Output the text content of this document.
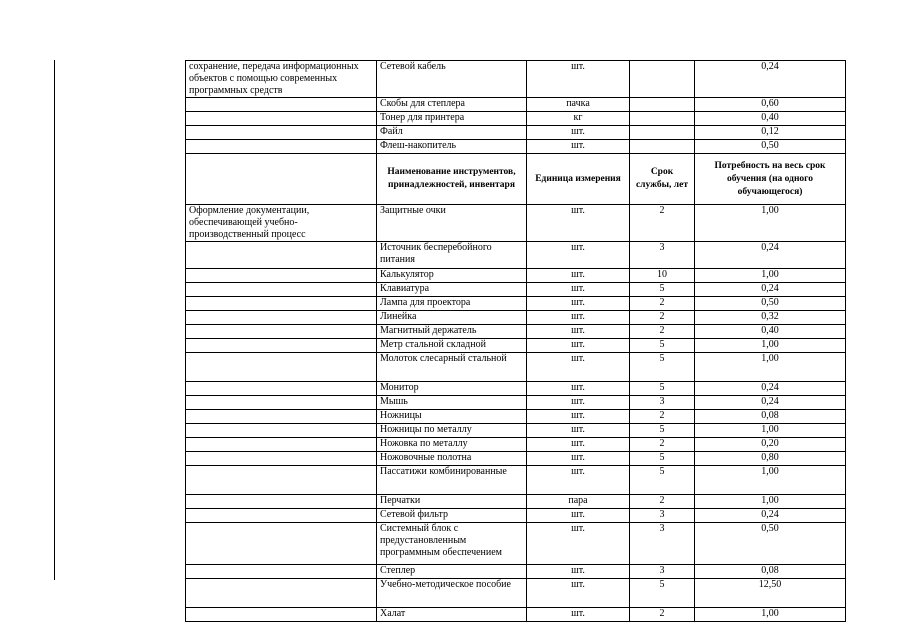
сохранение, передача информационных объектов с помощью современных программных средств	Сетевой кабель	шт.		0,24
	Скобы для степлера	пачка		0,60
	Тонер для принтера	кг		0,40
	Файл	шт.		0,12
	Флеш-накопитель	шт.		0,50
	Наименование инструментов, принадлежностей, инвентаря	Единица измерения	Срок службы, лет	Потребность на весь срок обучения (на одного обучающегося)
Оформление документации, обеспечивающей учебно-производственный процесс	Защитные очки	шт.	2	1,00
	Источник бесперебойного питания	шт.	3	0,24
	Калькулятор	шт.	10	1,00
	Клавиатура	шт.	5	0,24
	Лампа для проектора	шт.	2	0,50
	Линейка	шт.	2	0,32
	Магнитный держатель	шт.	2	0,40
	Метр стальной складной	шт.	5	1,00
	Молоток слесарный стальной	шт.	5	1,00
	Монитор	шт.	5	0,24
	Мышь	шт.	3	0,24
	Ножницы	шт.	2	0,08
	Ножницы по металлу	шт.	5	1,00
	Ножовка по металлу	шт.	2	0,20
	Ножовочные полотна	шт.	5	0,80
	Пассатижи комбинированные	шт.	5	1,00
	Перчатки	пара	2	1,00
	Сетевой фильтр	шт.	3	0,24
	Системный блок с предустановленным программным обеспечением	шт.	3	0,50
	Степлер	шт.	3	0,08
	Учебно-методическое пособие	шт.	5	12,50
	Халат	шт.	2	1,00
